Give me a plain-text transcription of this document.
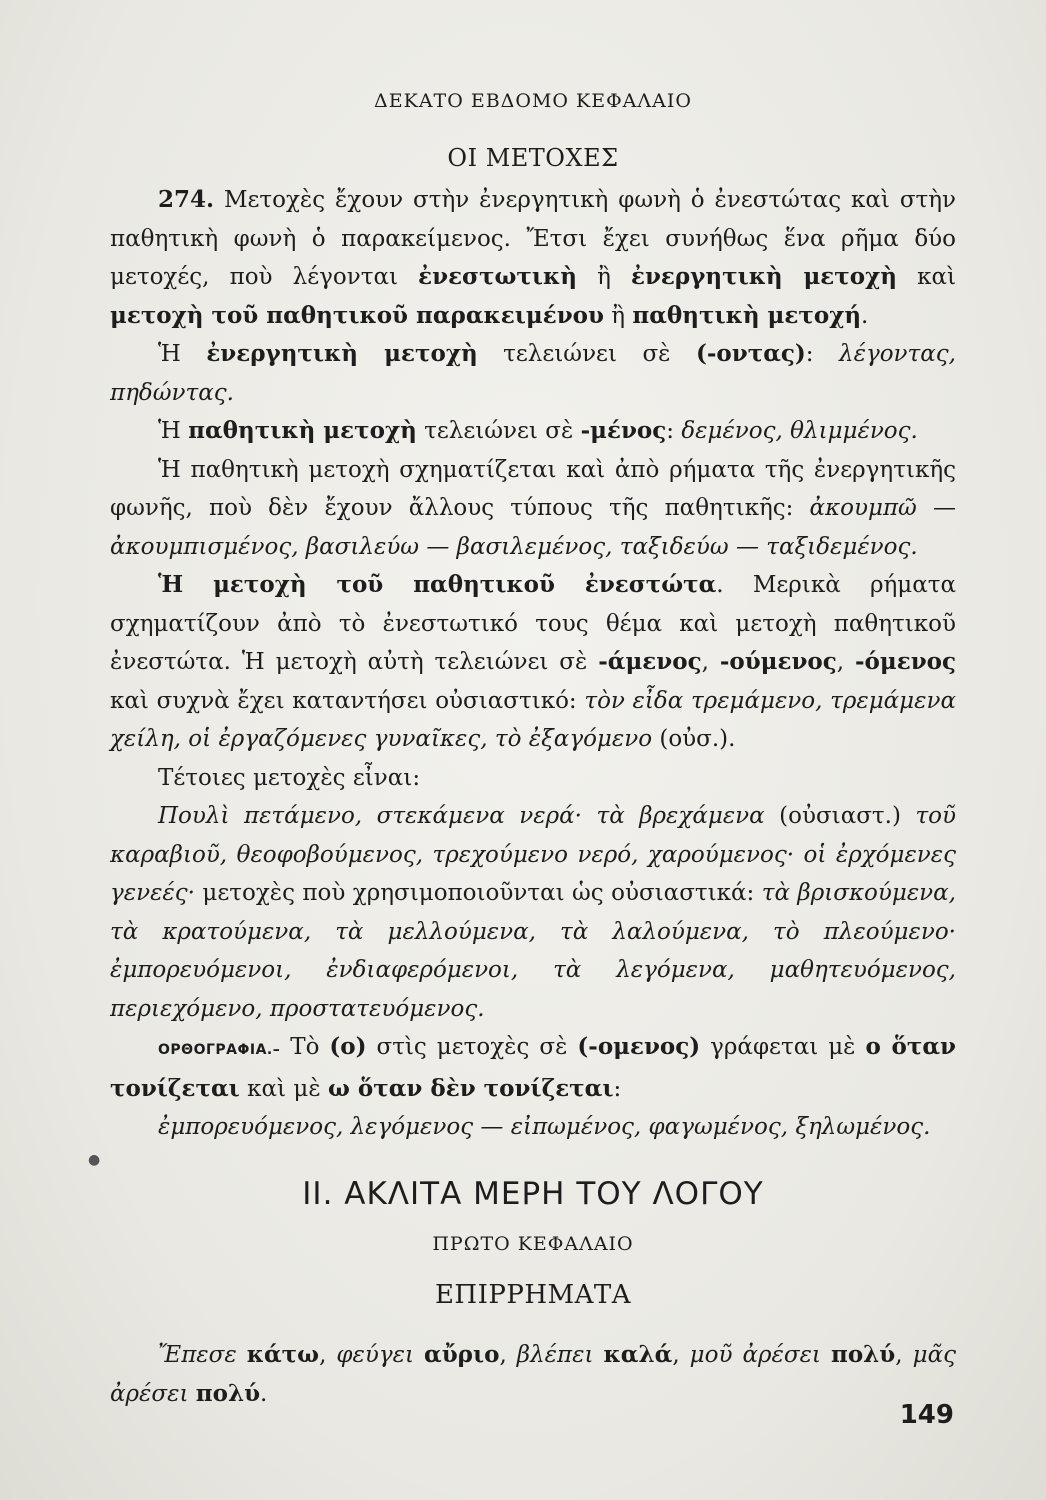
ΔΕΚΑΤΟ ΕΒΔΟΜΟ ΚΕΦΑΛΑΙΟ
ΟΙ ΜΕΤΟΧΕΣ

274. Μετοχὲς ἔχουν στὴν ἐνεργητικὴ φωνὴ ὁ ἐνεστώτας καὶ στὴν παθητικὴ φωνὴ ὁ παρακείμενος. Ἔτσι ἔχει συνήθως ἕνα ρῆμα δύο μετοχές, ποὺ λέγονται ἐνεστωτικὴ ἢ ἐνεργητικὴ μετοχὴ καὶ μετοχὴ τοῦ παθητικοῦ παρακειμένου ἢ παθητικὴ μετοχή.

Ἡ ἐνεργητικὴ μετοχὴ τελειώνει σὲ (-οντας): λέγοντας, πηδώντας.

Ἡ παθητικὴ μετοχὴ τελειώνει σὲ -μένος: δεμένος, θλιμμένος.

Ἡ παθητικὴ μετοχὴ σχηματίζεται καὶ ἀπὸ ρήματα τῆς ἐνεργητικῆς φωνῆς, ποὺ δὲν ἔχουν ἄλλους τύπους τῆς παθητικῆς: ἀκουμπῶ — ἀκουμπισμένος, βασιλεύω — βασιλεμένος, ταξιδεύω — ταξιδεμένος.

Ἡ μετοχὴ τοῦ παθητικοῦ ἐνεστώτα. Μερικὰ ρήματα σχηματίζουν ἀπὸ τὸ ἐνεστωτικό τους θέμα καὶ μετοχὴ παθητικοῦ ἐνεστώτα. Ἡ μετοχὴ αὐτὴ τελειώνει σὲ -άμενος, -ούμενος, -όμενος καὶ συχνὰ ἔχει καταντήσει οὐσιαστικό: τὸν εἶδα τρεμάμενο, τρεμάμενα χείλη, οἱ ἐργαζόμενες γυναῖκες, τὸ ἐξαγόμενο (οὐσ.).

Τέτοιες μετοχὲς εἶναι:

Πουλὶ πετάμενο, στεκάμενα νερά· τὰ βρεχάμενα (οὐσιαστ.) τοῦ καραβιοῦ, θεοφοβούμενος, τρεχούμενο νερό, χαρούμενος· οἱ ἐρχόμενες γενεές· μετοχὲς ποὺ χρησιμοποιοῦνται ὡς οὐσιαστικά: τὰ βρισκούμενα, τὰ κρατούμενα, τὰ μελλούμενα, τὰ λαλούμενα, τὸ πλεούμενο· ἐμπορευόμενοι, ἐνδιαφερόμενοι, τὰ λεγόμενα, μαθητευόμενος, περιεχόμενο, προστατευόμενος.

ΟΡΘΟΓΡΑΦΙΑ.– Τὸ (ο) στὶς μετοχὲς σὲ (-ομενος) γράφεται μὲ ο ὅταν τονίζεται καὶ μὲ ω ὅταν δὲν τονίζεται:

ἐμπορευόμενος, λεγόμενος — εἰπωμένος, φαγωμένος, ξηλωμένος.

II. ΑΚΛΙΤΑ ΜΕΡΗ ΤΟΥ ΛΟΓΟΥ
ΠΡΩΤΟ ΚΕΦΑΛΑΙΟ
ΕΠΙΡΡΗΜΑΤΑ

Ἔπεσε κάτω, φεύγει αὔριο, βλέπει καλά, μοῦ ἀρέσει πολύ, μᾶς ἀρέσει πολύ.

●
149
